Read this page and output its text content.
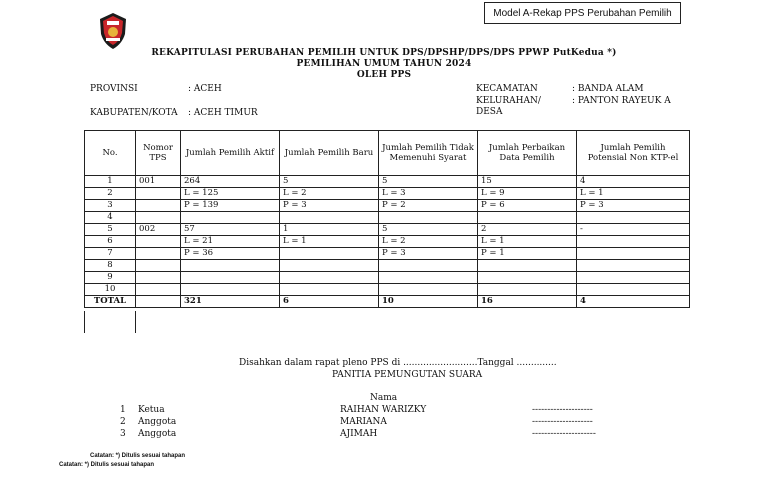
Model A-Rekap PPS Perubahan Pemilih
REKAPITULASI PERUBAHAN PEMILIH UNTUK DPS/DPSHP/DPS/DPS PPWP PutKedua *)
PEMILIHAN UMUM TAHUN 2024
OLEH PPS
PROVINSI	: ACEH
KABUPATEN/KOTA : ACEH TIMUR
KECAMATAN	: BANDA ALAM
KELURAHAN/
DESA
: PANTON RAYEUK A
No.	Nomor TPS	Jumlah Pemilih Aktif	Jumlah Pemilih Baru	Jumlah Pemilih Tidak Memenuhi Syarat	Jumlah Perbaikan Data Pemilih	Jumlah Pemilih Potensial Non KTP-el
1	001	264	5	5	15	4
2		L = 125	L = 2	L = 3	L = 9	L = 1
3		P = 139	P = 3	P = 2	P = 6	P = 3
4						
5	002	57	1	5	2	-
6		L = 21	L = 1	L = 2	L = 1	
7		P = 36		P = 3	P = 1	
8						
9						
10						
TOTAL		321	6	10	16	4
Disahkan dalam rapat pleno PPS di ..........................Tanggal ..............
PANITIA PEMUNGUTAN SUARA
Nama
1 Ketua	RAIHAN WARIZKY	--------------------
2 Anggota	MARIANA	--------------------
3 Anggota	AJIMAH	---------------------
Catatan: *) Ditulis sesuai tahapan
Catatan: *) Ditulis sesuai tahapan
